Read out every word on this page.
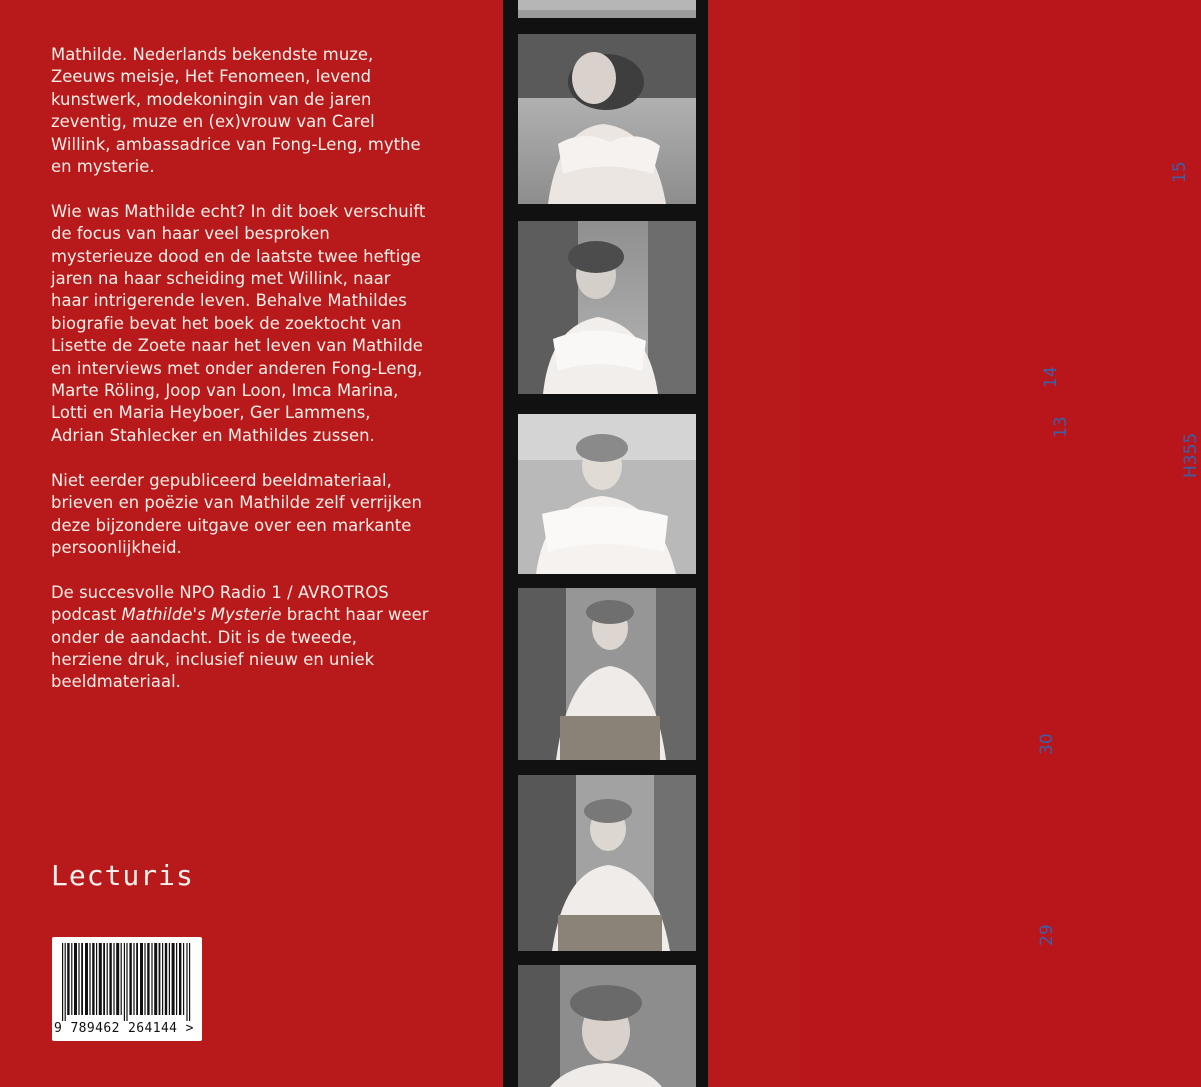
Mathilde. Nederlands bekendste muze, Zeeuws meisje, Het Fenomeen, levend kunstwerk, modekoningin van de jaren zeventig, muze en (ex)vrouw van Carel Willink, ambassadrice van Fong-Leng, mythe en mysterie.

Wie was Mathilde echt? In dit boek verschuift de focus van haar veel besproken mysterieuze dood en de laatste twee heftige jaren na haar scheiding met Willink, naar haar intrigerende leven. Behalve Mathildes biografie bevat het boek de zoektocht van Lisette de Zoete naar het leven van Mathilde en interviews met onder anderen Fong-Leng, Marte Röling, Joop van Loon, Imca Marina, Lotti en Maria Heyboer, Ger Lammens, Adrian Stahlecker en Mathildes zussen.

Niet eerder gepubliceerd beeldmateriaal, brieven en poëzie van Mathilde zelf verrijken deze bijzondere uitgave over een markante persoonlijkheid.

De succesvolle NPO Radio 1 / AVROTROS podcast Mathilde's Mysterie bracht haar weer onder de aandacht. Dit is de tweede, herziene druk, inclusief nieuw en uniek beeldmateriaal.

Lecturis
9 789462 264144 >
15
14
13
H355
30
29
